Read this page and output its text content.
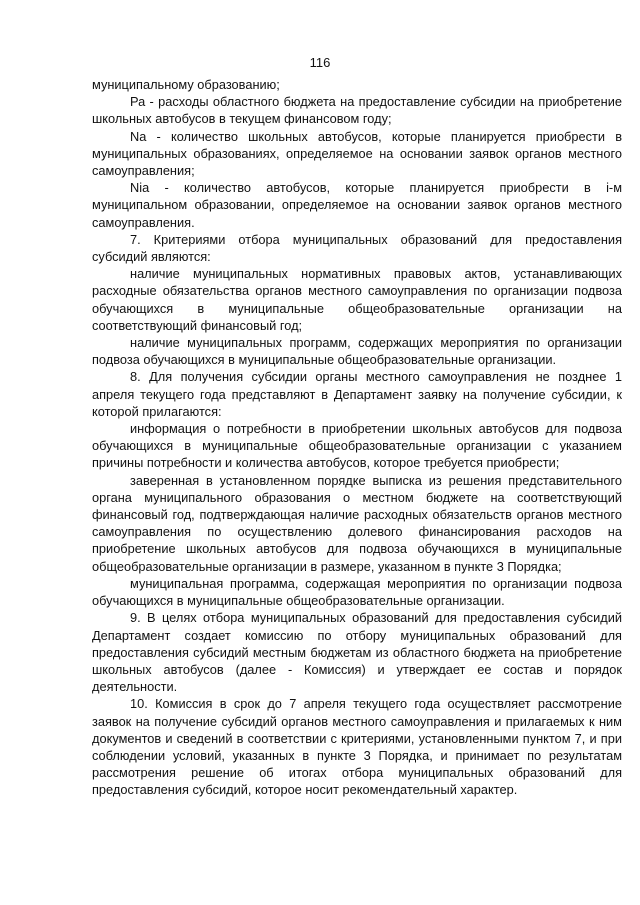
116

муниципальному образованию;

Ра - расходы областного бюджета на предоставление субсидии на приобретение школьных автобусов в текущем финансовом году;

Na - количество школьных автобусов, которые планируется приобрести в муниципальных образованиях, определяемое на основании заявок органов местного самоуправления;

Nia - количество автобусов, которые планируется приобрести в i-м муниципальном образовании, определяемое на основании заявок органов местного самоуправления.

7. Критериями отбора муниципальных образований для предоставления субсидий являются:

наличие муниципальных нормативных правовых актов, устанавливающих расходные обязательства органов местного самоуправления по организации подвоза обучающихся в муниципальные общеобразовательные организации на соответствующий финансовый год;

наличие муниципальных программ, содержащих мероприятия по организации подвоза обучающихся в муниципальные общеобразовательные организации.

8. Для получения субсидии органы местного самоуправления не позднее 1 апреля текущего года представляют в Департамент заявку на получение субсидии, к которой прилагаются:

информация о потребности в приобретении школьных автобусов для подвоза обучающихся в муниципальные общеобразовательные организации с указанием причины потребности и количества автобусов, которое требуется приобрести;

заверенная в установленном порядке выписка из решения представительного органа муниципального образования о местном бюджете на соответствующий финансовый год, подтверждающая наличие расходных обязательств органов местного самоуправления по осуществлению долевого финансирования расходов на приобретение школьных автобусов для подвоза обучающихся в муниципальные общеобразовательные организации в размере, указанном в пункте 3 Порядка;

муниципальная программа, содержащая мероприятия по организации подвоза обучающихся в муниципальные общеобразовательные организации.

9. В целях отбора муниципальных образований для предоставления субсидий Департамент создает комиссию по отбору муниципальных образований для предоставления субсидий местным бюджетам из областного бюджета на приобретение школьных автобусов (далее - Комиссия) и утверждает ее состав и порядок деятельности.

10. Комиссия в срок до 7 апреля текущего года осуществляет рассмотрение заявок на получение субсидий органов местного самоуправления и прилагаемых к ним документов и сведений в соответствии с критериями, установленными пунктом 7, и при соблюдении условий, указанных в пункте 3 Порядка, и принимает по результатам рассмотрения решение об итогах отбора муниципальных образований для предоставления субсидий, которое носит рекомендательный характер.
